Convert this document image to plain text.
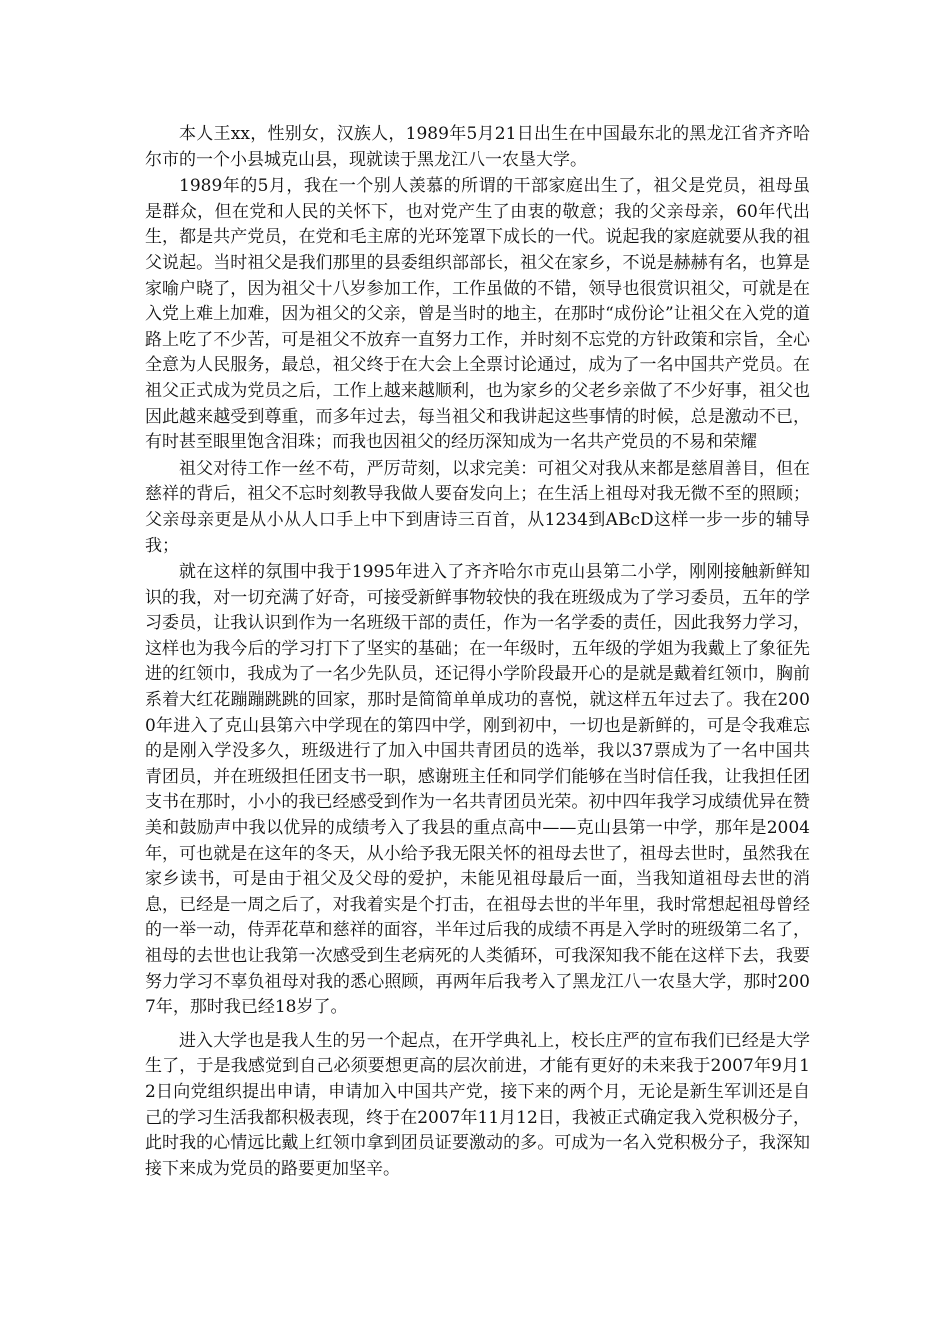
本人王xx，性别女，汉族人，1989年5月21日出生在中国最东北的黑龙江省齐齐哈尔市的一个小县城克山县，现就读于黑龙江八一农垦大学。

1989年的5月，我在一个别人羡慕的所谓的干部家庭出生了，祖父是党员，祖母虽是群众，但在党和人民的关怀下，也对党产生了由衷的敬意；我的父亲母亲，60年代出生，都是共产党员，在党和毛主席的光环笼罩下成长的一代。说起我的家庭就要从我的祖父说起。当时祖父是我们那里的县委组织部部长，祖父在家乡，不说是赫赫有名，也算是家喻户晓了，因为祖父十八岁参加工作，工作虽做的不错，领导也很赏识祖父，可就是在入党上难上加难，因为祖父的父亲，曾是当时的地主，在那时“成份论”让祖父在入党的道路上吃了不少苦，可是祖父不放弃一直努力工作，并时刻不忘党的方针政策和宗旨，全心全意为人民服务，最总，祖父终于在大会上全票讨论通过，成为了一名中国共产党员。在祖父正式成为党员之后，工作上越来越顺利，也为家乡的父老乡亲做了不少好事，祖父也因此越来越受到尊重，而多年过去，每当祖父和我讲起这些事情的时候，总是激动不已，有时甚至眼里饱含泪珠；而我也因祖父的经历深知成为一名共产党员的不易和荣耀

祖父对待工作一丝不苟，严厉苛刻，以求完美：可祖父对我从来都是慈眉善目，但在慈祥的背后，祖父不忘时刻教导我做人要奋发向上；在生活上祖母对我无微不至的照顾；父亲母亲更是从小从人口手上中下到唐诗三百首，从1234到ABcD这样一步一步的辅导我；

就在这样的氛围中我于1995年进入了齐齐哈尔市克山县第二小学，刚刚接触新鲜知识的我，对一切充满了好奇，可接受新鲜事物较快的我在班级成为了学习委员，五年的学习委员，让我认识到作为一名班级干部的责任，作为一名学委的责任，因此我努力学习，这样也为我今后的学习打下了坚实的基础；在一年级时，五年级的学姐为我戴上了象征先进的红领巾，我成为了一名少先队员，还记得小学阶段最开心的是就是戴着红领巾，胸前系着大红花蹦蹦跳跳的回家，那时是简简单单成功的喜悦，就这样五年过去了。我在2000年进入了克山县第六中学现在的第四中学，刚到初中，一切也是新鲜的，可是令我难忘的是刚入学没多久，班级进行了加入中国共青团员的选举，我以37票成为了一名中国共青团员，并在班级担任团支书一职，感谢班主任和同学们能够在当时信任我，让我担任团支书在那时，小小的我已经感受到作为一名共青团员光荣。初中四年我学习成绩优异在赞美和鼓励声中我以优异的成绩考入了我县的重点高中——克山县第一中学，那年是2004年，可也就是在这年的冬天，从小给予我无限关怀的祖母去世了，祖母去世时，虽然我在家乡读书，可是由于祖父及父母的爱护，未能见祖母最后一面，当我知道祖母去世的消息，已经是一周之后了，对我着实是个打击，在祖母去世的半年里，我时常想起祖母曾经的一举一动，侍弄花草和慈祥的面容，半年过后我的成绩不再是入学时的班级第二名了，祖母的去世也让我第一次感受到生老病死的人类循环，可我深知我不能在这样下去，我要努力学习不辜负祖母对我的悉心照顾，再两年后我考入了黑龙江八一农垦大学，那时2007年，那时我已经18岁了。

进入大学也是我人生的另一个起点，在开学典礼上，校长庄严的宣布我们已经是大学生了，于是我感觉到自己必须要想更高的层次前进，才能有更好的未来我于2007年9月12日向党组织提出申请，申请加入中国共产党，接下来的两个月，无论是新生军训还是自己的学习生活我都积极表现，终于在2007年11月12日，我被正式确定我入党积极分子，此时我的心情远比戴上红领巾拿到团员证要激动的多。可成为一名入党积极分子，我深知接下来成为党员的路要更加坚辛。
